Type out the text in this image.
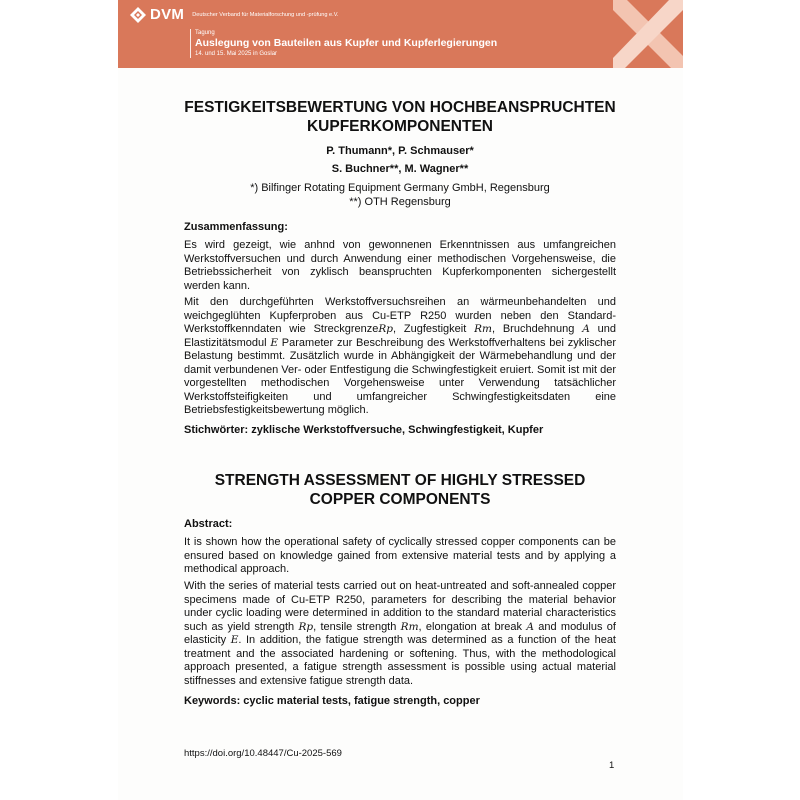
DVM Deutscher Verband für Materialforschung und -prüfung e.V.
Tagung
Auslegung von Bauteilen aus Kupfer und Kupferlegierungen
14. und 15. Mai 2025 in Goslar
FESTIGKEITSBEWERTUNG VON HOCHBEANSPRUCHTEN
KUPFERKOMPONENTEN
P. Thumann*, P. Schmauser*
S. Buchner**, M. Wagner**
*) Bilfinger Rotating Equipment Germany GmbH, Regensburg
**) OTH Regensburg
Zusammenfassung:
Es wird gezeigt, wie anhnd von gewonnenen Erkenntnissen aus umfangreichen Werkstoffversuchen und durch Anwendung einer methodischen Vorgehensweise, die Betriebssicherheit von zyklisch beanspruchten Kupferkomponenten sichergestellt werden kann.
Mit den durchgeführten Werkstoffversuchsreihen an wärmeunbehandelten und weichgeglühten Kupferproben aus Cu-ETP R250 wurden neben den Standard-Werkstoffkenndaten wie StreckgrenzeRp, Zugfestigkeit Rm, Bruchdehnung A und Elastizitätsmodul E Parameter zur Beschreibung des Werkstoffverhaltens bei zyklischer Belastung bestimmt. Zusätzlich wurde in Abhängigkeit der Wärmebehandlung und der damit verbundenen Ver- oder Entfestigung die Schwingfestigkeit eruiert. Somit ist mit der vorgestellten methodischen Vorgehensweise unter Verwendung tatsächlicher Werkstoffsteifigkeiten und umfangreicher Schwingfestigkeitsdaten eine Betriebsfestigkeitsbewertung möglich.
Stichwörter: zyklische Werkstoffversuche, Schwingfestigkeit, Kupfer
STRENGTH ASSESSMENT OF HIGHLY STRESSED
COPPER COMPONENTS
Abstract:
It is shown how the operational safety of cyclically stressed copper components can be ensured based on knowledge gained from extensive material tests and by applying a methodical approach.
With the series of material tests carried out on heat-untreated and soft-annealed copper specimens made of Cu-ETP R250, parameters for describing the material behavior under cyclic loading were determined in addition to the standard material characteristics such as yield strength Rp, tensile strength Rm, elongation at break A and modulus of elasticity E. In addition, the fatigue strength was determined as a function of the heat treatment and the associated hardening or softening. Thus, with the methodological approach presented, a fatigue strength assessment is possible using actual material stiffnesses and extensive fatigue strength data.
Keywords: cyclic material tests, fatigue strength, copper
https://doi.org/10.48447/Cu-2025-569
1
